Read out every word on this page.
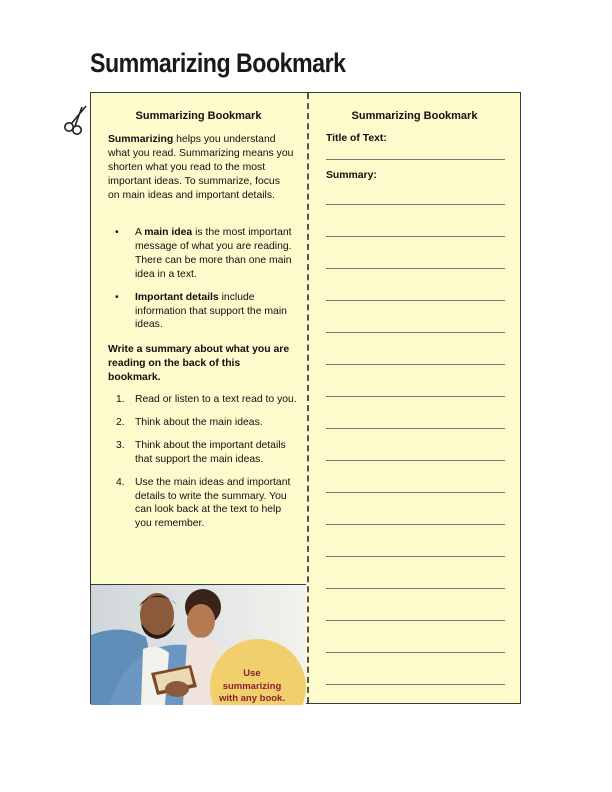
Summarizing Bookmark
Summarizing Bookmark
Summarizing helps you understand what you read. Summarizing means you shorten what you read to the most important ideas. To summarize, focus on main ideas and important details.
• A main idea is the most important message of what you are reading. There can be more than one main idea in a text.
• Important details include information that support the main ideas.
Write a summary about what you are reading on the back of this bookmark.
1. Read or listen to a text read to you.
2. Think about the main ideas.
3. Think about the important details that support the main ideas.
4. Use the main ideas and important details to write the summary. You can look back at the text to help you remember.
Use summarizing with any book.
Summarizing Bookmark
Title of Text:
Summary:
